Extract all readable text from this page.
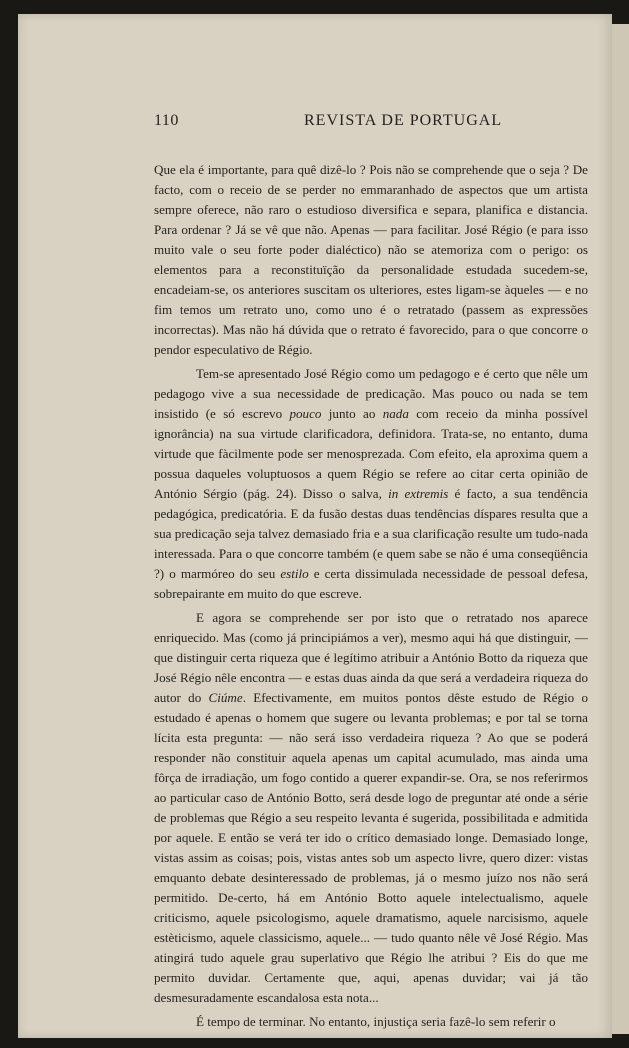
110	REVISTA DE PORTUGAL

Que ela é importante, para quê dizê-lo ? Pois não se comprehende que o seja ? De facto, com o receio de se perder no emmaranhado de aspectos que um artista sempre oferece, não raro o estudioso diversifica e separa, planifica e distancia. Para ordenar ? Já se vê que não. Apenas — para facilitar. José Régio (e para isso muito vale o seu forte poder dialéctico) não se atemoriza com o perigo: os elementos para a reconstituïção da personalidade estudada sucedem-se, encadeiam-se, os anteriores suscitam os ulteriores, estes ligam-se àqueles — e no fim temos um retrato uno, como uno é o retratado (passem as expressões incorrectas). Mas não há dúvida que o retrato é favorecido, para o que concorre o pendor especulativo de Régio.

Tem-se apresentado José Régio como um pedagogo e é certo que nêle um pedagogo vive a sua necessidade de predicação. Mas pouco ou nada se tem insistido (e só escrevo pouco junto ao nada com receio da minha possível ignorância) na sua virtude clarificadora, definidora. Trata-se, no entanto, duma virtude que fàcilmente pode ser menosprezada. Com efeito, ela aproxima quem a possua daqueles voluptuosos a quem Régio se refere ao citar certa opinião de António Sérgio (pág. 24). Disso o salva, in extremis é facto, a sua tendência pedagógica, predicatória. E da fusão destas duas tendências díspares resulta que a sua predicação seja talvez demasiado fria e a sua clarificação resulte um tudo-nada interessada. Para o que concorre também (e quem sabe se não é uma conseqüência ?) o marmóreo do seu estilo e certa dissimulada necessidade de pessoal defesa, sobrepairante em muito do que escreve.

E agora se comprehende ser por isto que o retratado nos aparece enriquecido. Mas (como já principiámos a ver), mesmo aqui há que distinguir, — que distinguir certa riqueza que é legítimo atribuir a António Botto da riqueza que José Régio nêle encontra — e estas duas ainda da que será a verdadeira riqueza do autor do Ciúme. Efectivamente, em muitos pontos dêste estudo de Régio o estudado é apenas o homem que sugere ou levanta problemas; e por tal se torna lícita esta pregunta: — não será isso verdadeira riqueza ? Ao que se poderá responder não constituir aquela apenas um capital acumulado, mas ainda uma fôrça de irradiação, um fogo contido a querer expandir-se. Ora, se nos referirmos ao particular caso de António Botto, será desde logo de preguntar até onde a série de problemas que Régio a seu respeito levanta é sugerida, possibilitada e admitida por aquele. E então se verá ter ido o crítico demasiado longe. Demasiado longe, vistas assim as coisas; pois, vistas antes sob um aspecto livre, quero dizer: vistas emquanto debate desinteressado de problemas, já o mesmo juízo nos não será permitido. De-certo, há em António Botto aquele intelectualismo, aquele criticismo, aquele psicologismo, aquele dramatismo, aquele narcisismo, aquele estèticismo, aquele classicismo, aquele... — tudo quanto nêle vê José Régio. Mas atingirá tudo aquele grau superlativo que Régio lhe atribui ? Eis do que me permito duvidar. Certamente que, aqui, apenas duvidar; vai já tão desmesuradamente escandalosa esta nota...

É tempo de terminar. No entanto, injustiça seria fazê-lo sem referir o
